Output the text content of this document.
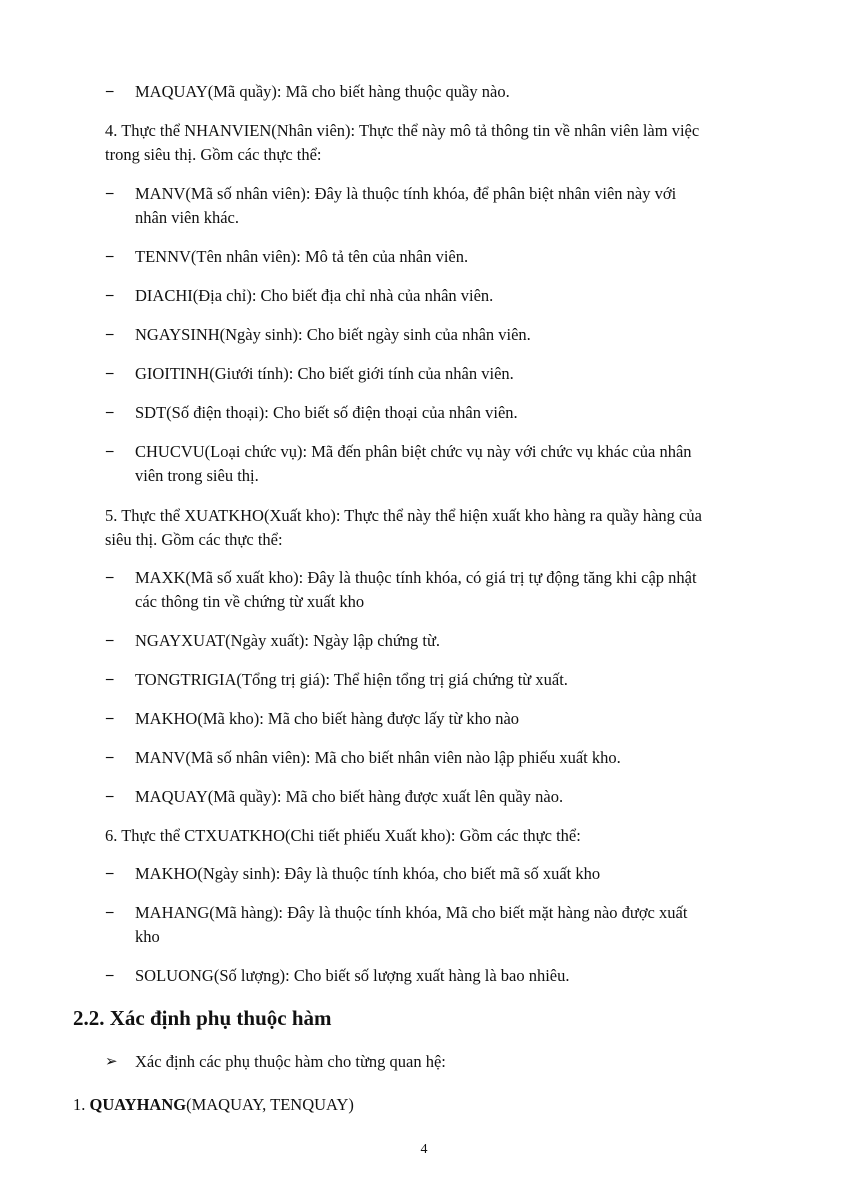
− MAQUAY(Mã quầy): Mã cho biết hàng thuộc quầy nào.
4. Thực thể NHANVIEN(Nhân viên): Thực thể này mô tả thông tin về nhân viên làm việc
trong siêu thị. Gồm các thực thể:
− MANV(Mã số nhân viên): Đây là thuộc tính khóa, để phân biệt nhân viên này với
nhân viên khác.
− TENNV(Tên nhân viên): Mô tả tên của nhân viên.
− DIACHI(Địa chỉ): Cho biết địa chỉ nhà của nhân viên.
− NGAYSINH(Ngày sinh): Cho biết ngày sinh của nhân viên.
− GIOITINH(Giưới tính): Cho biết giới tính của nhân viên.
− SDT(Số điện thoại): Cho biết số điện thoại của nhân viên.
− CHUCVU(Loại chức vụ): Mã đến phân biệt chức vụ này với chức vụ khác của nhân
viên trong siêu thị.
5. Thực thể XUATKHO(Xuất kho): Thực thể này thể hiện xuất kho hàng ra quầy hàng của
siêu thị. Gồm các thực thể:
− MAXK(Mã số xuất kho): Đây là thuộc tính khóa, có giá trị tự động tăng khi cập nhật
các thông tin về chứng từ xuất kho
− NGAYXUAT(Ngày xuất): Ngày lập chứng từ.
− TONGTRIGIA(Tổng trị giá): Thể hiện tổng trị giá chứng từ xuất.
− MAKHO(Mã kho): Mã cho biết hàng được lấy từ kho nào
− MANV(Mã số nhân viên): Mã cho biết nhân viên nào lập phiếu xuất kho.
− MAQUAY(Mã quầy): Mã cho biết hàng được xuất lên quầy nào.
6. Thực thể CTXUATKHO(Chi tiết phiếu Xuất kho): Gồm các thực thể:
− MAKHO(Ngày sinh): Đây là thuộc tính khóa, cho biết mã số xuất kho
− MAHANG(Mã hàng): Đây là thuộc tính khóa, Mã cho biết mặt hàng nào được xuất
kho
− SOLUONG(Số lượng): Cho biết số lượng xuất hàng là bao nhiêu.
2.2. Xác định phụ thuộc hàm
➢ Xác định các phụ thuộc hàm cho từng quan hệ:
1. QUAYHANG(MAQUAY, TENQUAY)
4
